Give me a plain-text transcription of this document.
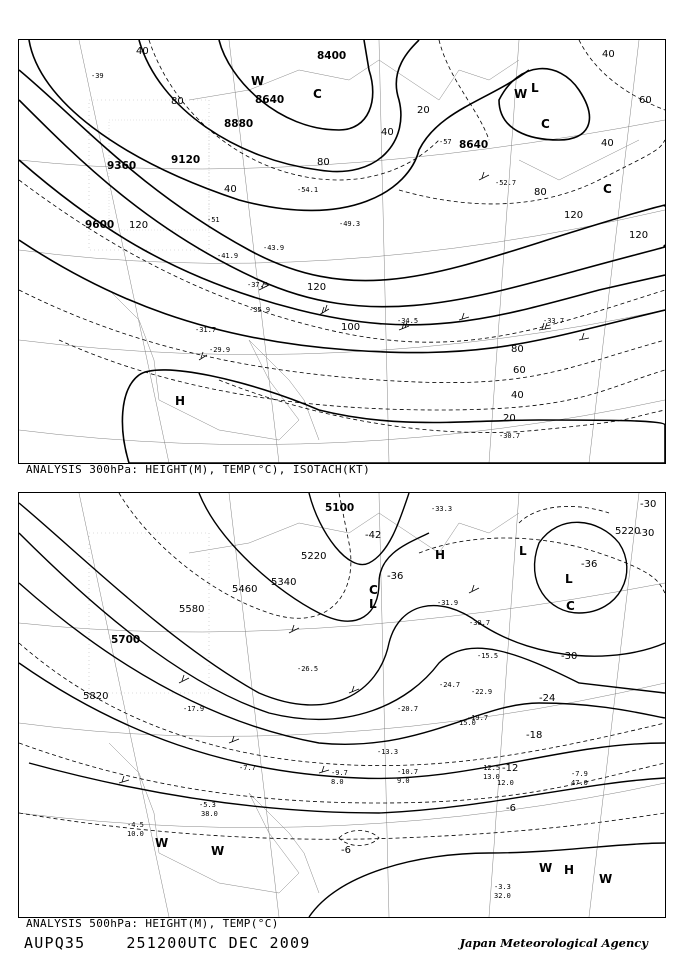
8400
8640
8880
9120
9360
9600
8640
40
80
120
40
80
120
120
100
80
60
40
20
40
80
120
20
40
40
60
-39
-51
-57
-54.1
-52.7
-49.3
-43.9
-41.9
-37.9
-35.9
-34.5	-33.7
-31.7
-29.9
-30.7
H
L
C
W
C
W
C
ANALYSIS 300hPa: HEIGHT(M), TEMP(°C), ISOTACH(KT)
5100
5220
5340
5460
5580
5700
5820
5220
-42
-36
-30
-24
-18
-12
-6
-36
-30
-30
-6
-33.3
-31.9
-30.7
-26.5
-24.7
-22.9
-20.7
-19.7
-17.9
-15.5
-13.3
-12.5
-10.7
-9.7
-7.7
-7.9
-5.3
-4.5
-3.3
12.0
13.0
15.0
32.0
47.0
38.0
10.0
9.0
8.0
H	L
L
L
C
C
H
W
W
W
W
ANALYSIS 500hPa: HEIGHT(M), TEMP(°C)
AUPQ35	251200UTC DEC 2009	Japan Meteorological Agency
